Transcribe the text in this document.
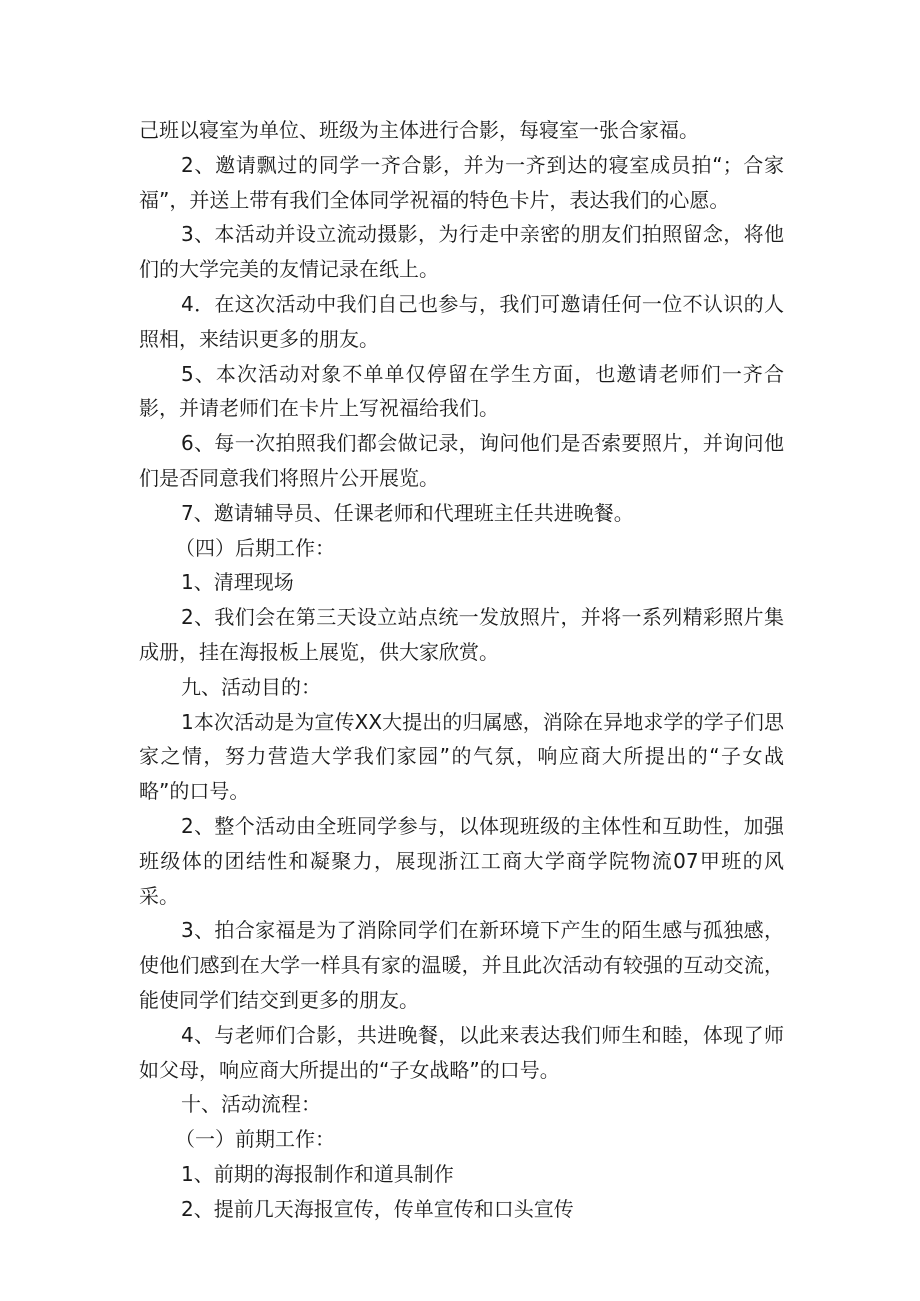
己班以寝室为单位、班级为主体进行合影，每寝室一张合家福。

2、邀请飘过的同学一齐合影，并为一齐到达的寝室成员拍“；合家福”，并送上带有我们全体同学祝福的特色卡片，表达我们的心愿。

3、本活动并设立流动摄影，为行走中亲密的朋友们拍照留念，将他们的大学完美的友情记录在纸上。

4．在这次活动中我们自己也参与，我们可邀请任何一位不认识的人照相，来结识更多的朋友。

5、本次活动对象不单单仅停留在学生方面，也邀请老师们一齐合影，并请老师们在卡片上写祝福给我们。

6、每一次拍照我们都会做记录，询问他们是否索要照片，并询问他们是否同意我们将照片公开展览。

7、邀请辅导员、任课老师和代理班主任共进晚餐。

（四）后期工作：

1、清理现场

2、我们会在第三天设立站点统一发放照片，并将一系列精彩照片集成册，挂在海报板上展览，供大家欣赏。

九、活动目的：

1本次活动是为宣传XX大提出的归属感，消除在异地求学的学子们思家之情，努力营造大学我们家园”的气氛，响应商大所提出的“子女战略”的口号。

2、整个活动由全班同学参与，以体现班级的主体性和互助性，加强班级体的团结性和凝聚力，展现浙江工商大学商学院物流07甲班的风采。

3、拍合家福是为了消除同学们在新环境下产生的陌生感与孤独感，使他们感到在大学一样具有家的温暖，并且此次活动有较强的互动交流，能使同学们结交到更多的朋友。

4、与老师们合影，共进晚餐，以此来表达我们师生和睦，体现了师如父母，响应商大所提出的“子女战略”的口号。

十、活动流程：

（一）前期工作：

1、前期的海报制作和道具制作

2、提前几天海报宣传，传单宣传和口头宣传
